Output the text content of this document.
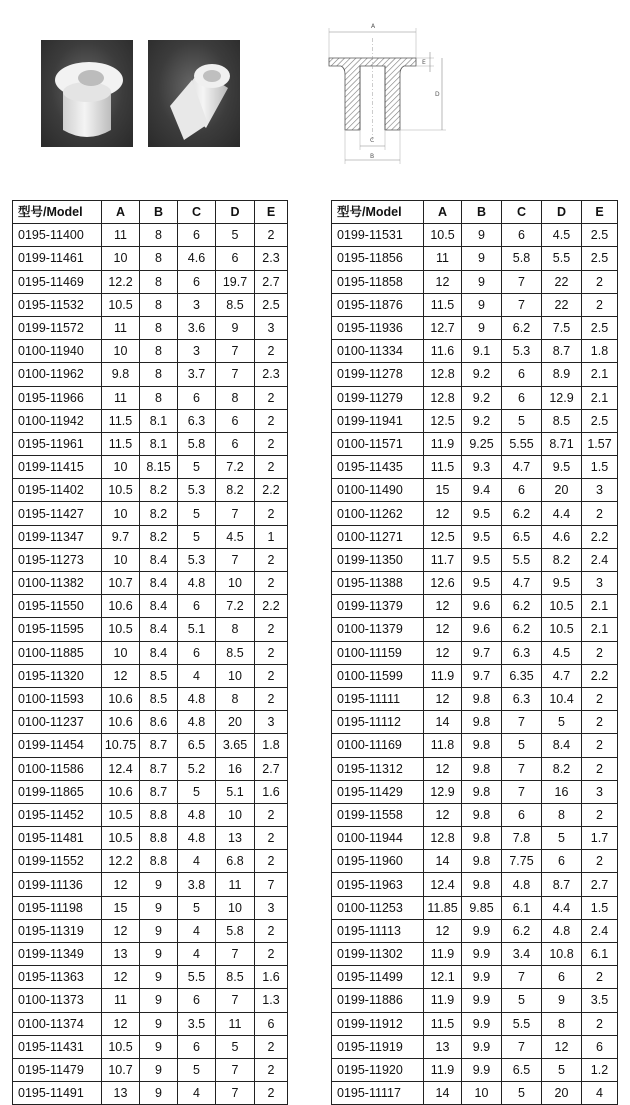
A
C
B
E
D
型号/Model	A	B	C	D	E
0195-11400	11	8	6	5	2
0199-11461	10	8	4.6	6	2.3
0195-11469	12.2	8	6	19.7	2.7
0195-11532	10.5	8	3	8.5	2.5
0199-11572	11	8	3.6	9	3
0100-11940	10	8	3	7	2
0100-11962	9.8	8	3.7	7	2.3
0195-11966	11	8	6	8	2
0100-11942	11.5	8.1	6.3	6	2
0195-11961	11.5	8.1	5.8	6	2
0199-11415	10	8.15	5	7.2	2
0195-11402	10.5	8.2	5.3	8.2	2.2
0195-11427	10	8.2	5	7	2
0199-11347	9.7	8.2	5	4.5	1
0195-11273	10	8.4	5.3	7	2
0100-11382	10.7	8.4	4.8	10	2
0195-11550	10.6	8.4	6	7.2	2.2
0195-11595	10.5	8.4	5.1	8	2
0100-11885	10	8.4	6	8.5	2
0195-11320	12	8.5	4	10	2
0100-11593	10.6	8.5	4.8	8	2
0100-11237	10.6	8.6	4.8	20	3
0199-11454	10.75	8.7	6.5	3.65	1.8
0100-11586	12.4	8.7	5.2	16	2.7
0199-11865	10.6	8.7	5	5.1	1.6
0195-11452	10.5	8.8	4.8	10	2
0195-11481	10.5	8.8	4.8	13	2
0199-11552	12.2	8.8	4	6.8	2
0199-11136	12	9	3.8	11	7
0195-11198	15	9	5	10	3
0195-11319	12	9	4	5.8	2
0199-11349	13	9	4	7	2
0195-11363	12	9	5.5	8.5	1.6
0100-11373	11	9	6	7	1.3
0100-11374	12	9	3.5	11	6
0195-11431	10.5	9	6	5	2
0195-11479	10.7	9	5	7	2
0195-11491	13	9	4	7	2
型号/Model	A	B	C	D	E
0199-11531	10.5	9	6	4.5	2.5
0195-11856	11	9	5.8	5.5	2.5
0195-11858	12	9	7	22	2
0195-11876	11.5	9	7	22	2
0195-11936	12.7	9	6.2	7.5	2.5
0100-11334	11.6	9.1	5.3	8.7	1.8
0199-11278	12.8	9.2	6	8.9	2.1
0199-11279	12.8	9.2	6	12.9	2.1
0199-11941	12.5	9.2	5	8.5	2.5
0100-11571	11.9	9.25	5.55	8.71	1.57
0195-11435	11.5	9.3	4.7	9.5	1.5
0100-11490	15	9.4	6	20	3
0100-11262	12	9.5	6.2	4.4	2
0100-11271	12.5	9.5	6.5	4.6	2.2
0199-11350	11.7	9.5	5.5	8.2	2.4
0195-11388	12.6	9.5	4.7	9.5	3
0199-11379	12	9.6	6.2	10.5	2.1
0100-11379	12	9.6	6.2	10.5	2.1
0100-11159	12	9.7	6.3	4.5	2
0100-11599	11.9	9.7	6.35	4.7	2.2
0195-11111	12	9.8	6.3	10.4	2
0195-11112	14	9.8	7	5	2
0100-11169	11.8	9.8	5	8.4	2
0195-11312	12	9.8	7	8.2	2
0195-11429	12.9	9.8	7	16	3
0199-11558	12	9.8	6	8	2
0100-11944	12.8	9.8	7.8	5	1.7
0195-11960	14	9.8	7.75	6	2
0195-11963	12.4	9.8	4.8	8.7	2.7
0100-11253	11.85	9.85	6.1	4.4	1.5
0195-11113	12	9.9	6.2	4.8	2.4
0199-11302	11.9	9.9	3.4	10.8	6.1
0195-11499	12.1	9.9	7	6	2
0199-11886	11.9	9.9	5	9	3.5
0199-11912	11.5	9.9	5.5	8	2
0195-11919	13	9.9	7	12	6
0195-11920	11.9	9.9	6.5	5	1.2
0195-11117	14	10	5	20	4
